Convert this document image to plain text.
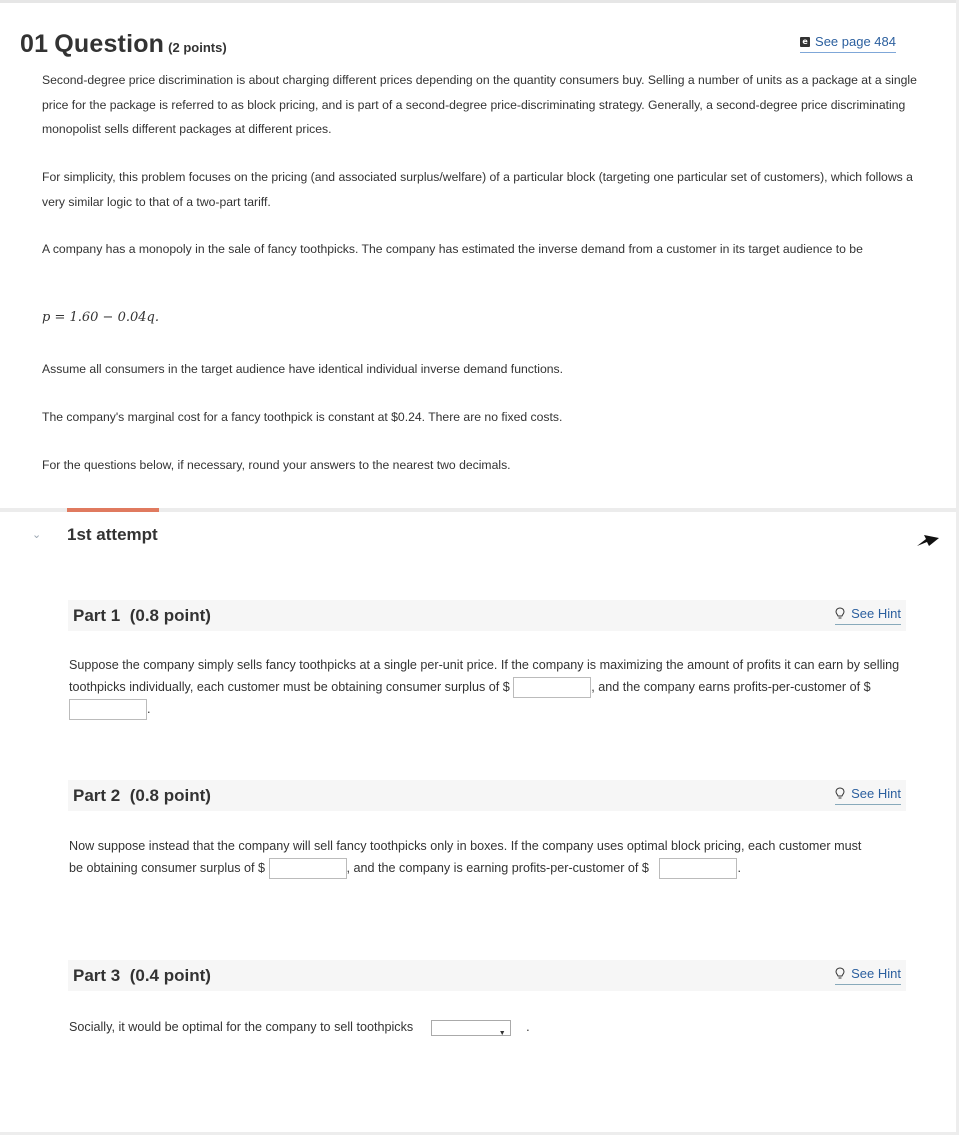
01 Question (2 points)	e See page 484
Second-degree price discrimination is about charging different prices depending on the quantity consumers buy. Selling a number of units as a package at a single price for the package is referred to as block pricing, and is part of a second-degree price-discriminating strategy. Generally, a second-degree price discriminating monopolist sells different packages at different prices.
For simplicity, this problem focuses on the pricing (and associated surplus/welfare) of a particular block (targeting one particular set of customers), which follows a very similar logic to that of a two-part tariff.
A company has a monopoly in the sale of fancy toothpicks. The company has estimated the inverse demand from a customer in its target audience to be
p = 1.60 − 0.04q.
Assume all consumers in the target audience have identical individual inverse demand functions.
The company's marginal cost for a fancy toothpick is constant at $0.24. There are no fixed costs.
For the questions below, if necessary, round your answers to the nearest two decimals.
⌄ 1st attempt
Part 1 (0.8 point)	See Hint
Suppose the company simply sells fancy toothpicks at a single per-unit price. If the company is maximizing the amount of profits it can earn by selling toothpicks individually, each customer must be obtaining consumer surplus of $	, and the company earns profits-per-customer of $ .
Part 2 (0.8 point)	See Hint
Now suppose instead that the company will sell fancy toothpicks only in boxes. If the company uses optimal block pricing, each customer must be obtaining consumer surplus of $	, and the company is earning profits-per-customer of $	.
Part 3 (0.4 point)	See Hint
Socially, it would be optimal for the company to sell toothpicks	▼ .
